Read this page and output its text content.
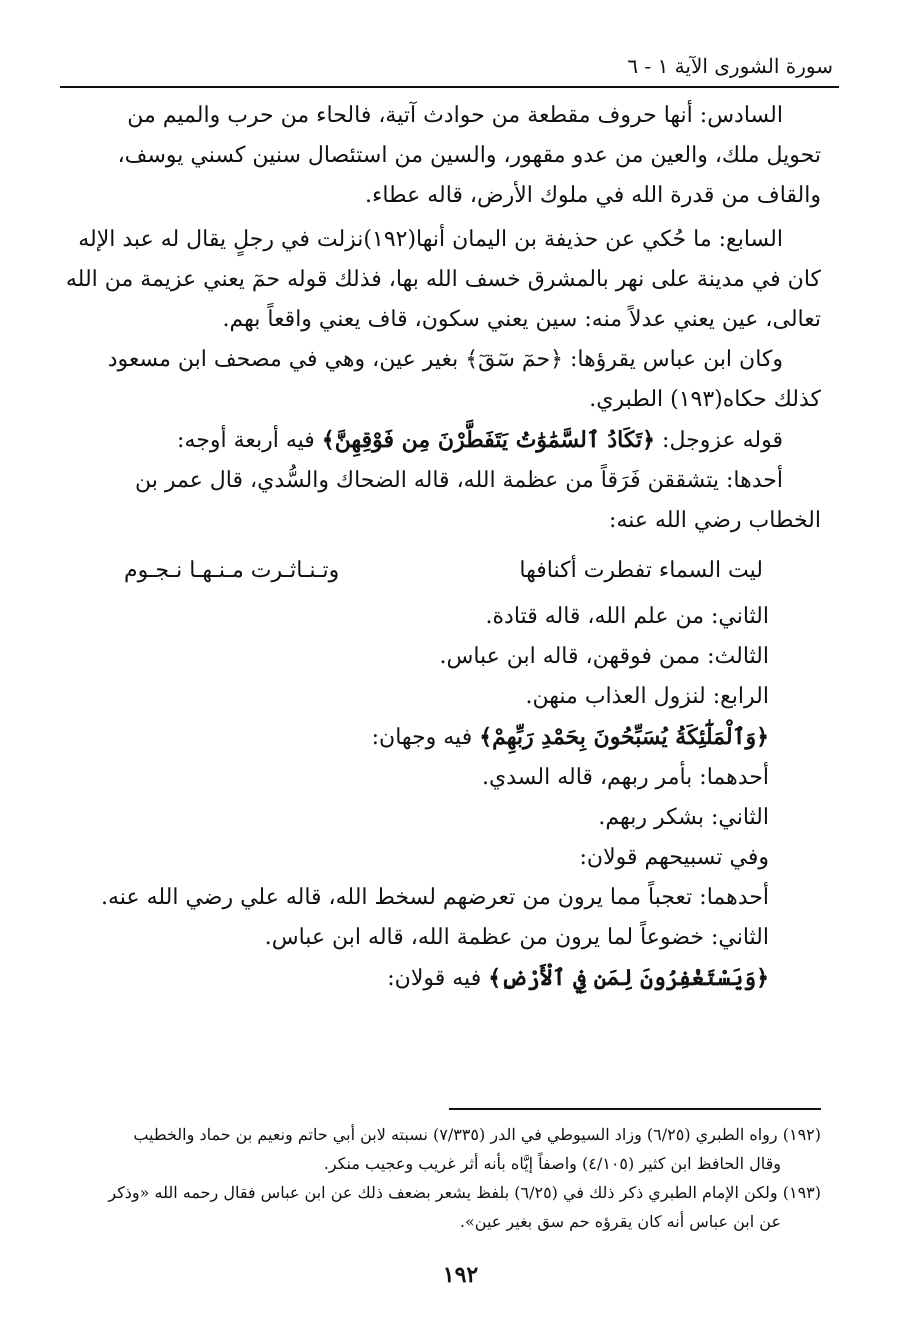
سورة الشورى الآية ١ - ٦

السادس: أنها حروف مقطعة من حوادث آتية، فالحاء من حرب والميم من

تحويل ملك، والعين من عدو مقهور، والسين من استئصال سنين كسني يوسف،

والقاف من قدرة الله في ملوك الأرض، قاله عطاء.

السابع: ما حُكي عن حذيفة بن اليمان أنها(١٩٢)نزلت في رجلٍ يقال له عبد الإله

كان في مدينة على نهر بالمشرق خسف الله بها، فذلك قوله حمٓ يعني عزيمة من الله

تعالى، عين يعني عدلاً منه: سين يعني سكون، قاف يعني واقعاً بهم.

وكان ابن عباس يقرؤها: ﴿حمٓ سٓقٓ﴾ بغير عين، وهي في مصحف ابن مسعود

كذلك حكاه(١٩٣) الطبري.

قوله عزوجل: ﴿تَكَادُ ٱلسَّمَٰوَٰتُ يَتَفَطَّرْنَ مِن فَوْقِهِنَّ﴾ فيه أربعة أوجه:

أحدها: يتشققن فَرَقاً من عظمة الله، قاله الضحاك والسُّدي، قال عمر بن

الخطاب رضي الله عنه:

ليت السماء تفطرت أكنافها
وتـنـاثـرت مـنـهـا نـجـوم

الثاني: من علم الله، قاله قتادة.

الثالث: ممن فوقهن، قاله ابن عباس.

الرابع: لنزول العذاب منهن.

﴿وَٱلْمَلَٰٓئِكَةُ يُسَبِّحُونَ بِحَمْدِ رَبِّهِمْ﴾ فيه وجهان:

أحدهما: بأمر ربهم، قاله السدي.

الثاني: بشكر ربهم.

وفي تسبيحهم قولان:

أحدهما: تعجباً مما يرون من تعرضهم لسخط الله، قاله علي رضي الله عنه.

الثاني: خضوعاً لما يرون من عظمة الله، قاله ابن عباس.

﴿وَيَسْتَغْفِرُونَ لِمَن فِي ٱلْأَرْضِ﴾ فيه قولان:

(١٩٢) رواه الطبري (٦/٢٥) وزاد السيوطي في الدر (٧/٣٣٥) نسبته لابن أبي حاتم ونعيم بن حماد والخطيب
وقال الحافظ ابن كثير (٤/١٠٥) واصفاً إيَّاه بأنه أثر غريب وعجيب منكر.
(١٩٣) ولكن الإمام الطبري ذكر ذلك في (٦/٢٥) بلفظ يشعر بضعف ذلك عن ابن عباس فقال رحمه الله «وذكر
عن ابن عباس أنه كان يقرؤه حم سق بغير عين».
١٩٢
